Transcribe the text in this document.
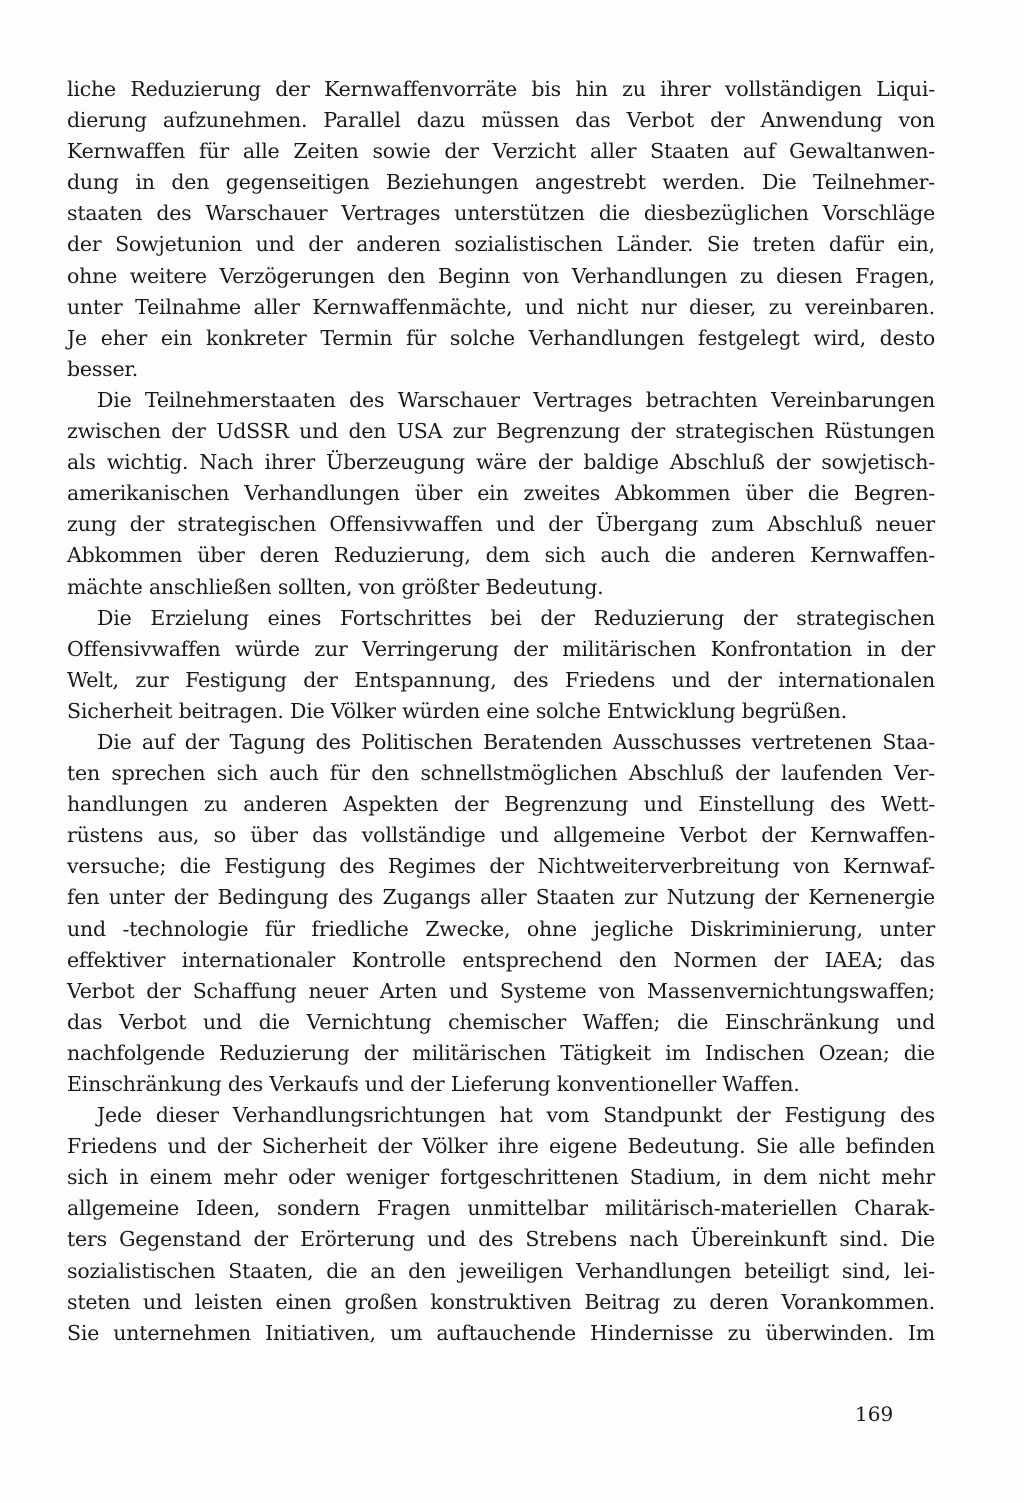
liche Reduzierung der Kernwaffenvorräte bis hin zu ihrer vollständigen Liqui-
dierung aufzunehmen. Parallel dazu müssen das Verbot der Anwendung von
Kernwaffen für alle Zeiten sowie der Verzicht aller Staaten auf Gewaltanwen-
dung in den gegenseitigen Beziehungen angestrebt werden. Die Teilnehmer-
staaten des Warschauer Vertrages unterstützen die diesbezüglichen Vorschläge
der Sowjetunion und der anderen sozialistischen Länder. Sie treten dafür ein,
ohne weitere Verzögerungen den Beginn von Verhandlungen zu diesen Fragen,
unter Teilnahme aller Kernwaffenmächte, und nicht nur dieser, zu vereinbaren.
Je eher ein konkreter Termin für solche Verhandlungen festgelegt wird, desto
besser.
Die Teilnehmerstaaten des Warschauer Vertrages betrachten Vereinbarungen
zwischen der UdSSR und den USA zur Begrenzung der strategischen Rüstungen
als wichtig. Nach ihrer Überzeugung wäre der baldige Abschluß der sowjetisch-
amerikanischen Verhandlungen über ein zweites Abkommen über die Begren-
zung der strategischen Offensivwaffen und der Übergang zum Abschluß neuer
Abkommen über deren Reduzierung, dem sich auch die anderen Kernwaffen-
mächte anschließen sollten, von größter Bedeutung.
Die Erzielung eines Fortschrittes bei der Reduzierung der strategischen
Offensivwaffen würde zur Verringerung der militärischen Konfrontation in der
Welt, zur Festigung der Entspannung, des Friedens und der internationalen
Sicherheit beitragen. Die Völker würden eine solche Entwicklung begrüßen.
Die auf der Tagung des Politischen Beratenden Ausschusses vertretenen Staa-
ten sprechen sich auch für den schnellstmöglichen Abschluß der laufenden Ver-
handlungen zu anderen Aspekten der Begrenzung und Einstellung des Wett-
rüstens aus, so über das vollständige und allgemeine Verbot der Kernwaffen-
versuche; die Festigung des Regimes der Nichtweiterverbreitung von Kernwaf-
fen unter der Bedingung des Zugangs aller Staaten zur Nutzung der Kernenergie
und -technologie für friedliche Zwecke, ohne jegliche Diskriminierung, unter
effektiver internationaler Kontrolle entsprechend den Normen der IAEA; das
Verbot der Schaffung neuer Arten und Systeme von Massenvernichtungswaffen;
das Verbot und die Vernichtung chemischer Waffen; die Einschränkung und
nachfolgende Reduzierung der militärischen Tätigkeit im Indischen Ozean; die
Einschränkung des Verkaufs und der Lieferung konventioneller Waffen.
Jede dieser Verhandlungsrichtungen hat vom Standpunkt der Festigung des
Friedens und der Sicherheit der Völker ihre eigene Bedeutung. Sie alle befinden
sich in einem mehr oder weniger fortgeschrittenen Stadium, in dem nicht mehr
allgemeine Ideen, sondern Fragen unmittelbar militärisch-materiellen Charak-
ters Gegenstand der Erörterung und des Strebens nach Übereinkunft sind. Die
sozialistischen Staaten, die an den jeweiligen Verhandlungen beteiligt sind, lei-
steten und leisten einen großen konstruktiven Beitrag zu deren Vorankommen.
Sie unternehmen Initiativen, um auftauchende Hindernisse zu überwinden. Im
169
